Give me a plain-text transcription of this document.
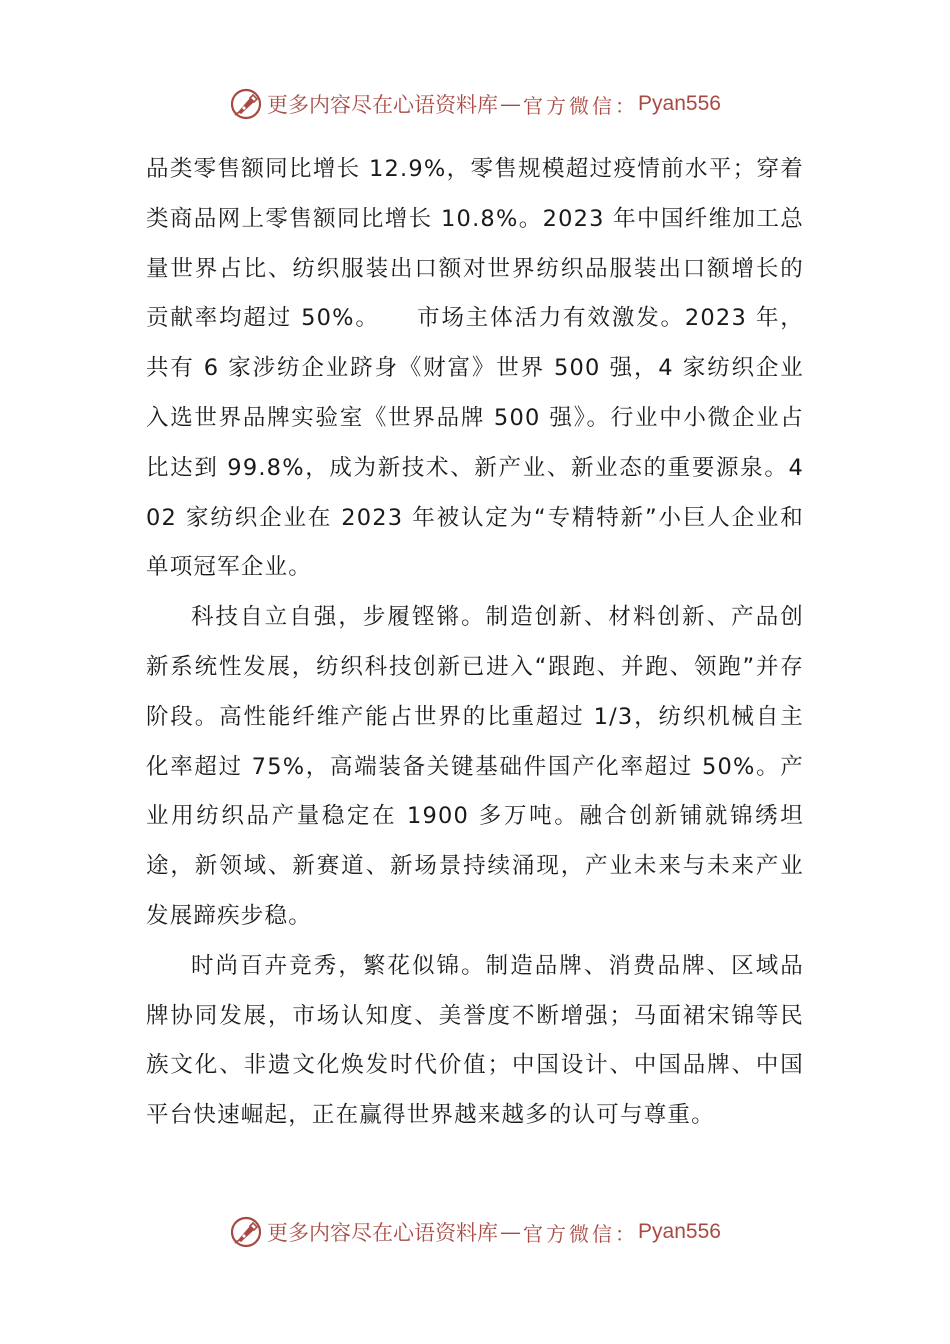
更多内容尽在心语资料库 — 官方微信： Pyan556

品类零售额同比增长 12.9%，零售规模超过疫情前水平；穿着类商品网上零售额同比增长 10.8%。2023 年中国纤维加工总量世界占比、纺织服装出口额对世界纺织品服装出口额增长的贡献率均超过 50%。　　市场主体活力有效激发。2023 年，共有 6 家涉纺企业跻身《财富》世界 500 强，4 家纺织企业入选世界品牌实验室《世界品牌 500 强》。行业中小微企业占比达到 99.8%，成为新技术、新产业、新业态的重要源泉。402 家纺织企业在 2023 年被认定为“专精特新”小巨人企业和单项冠军企业。

科技自立自强，步履铿锵。制造创新、材料创新、产品创新系统性发展，纺织科技创新已进入“跟跑、并跑、领跑”并存阶段。高性能纤维产能占世界的比重超过 1/3，纺织机械自主化率超过 75%，高端装备关键基础件国产化率超过 50%。产业用纺织品产量稳定在 1900 多万吨。融合创新铺就锦绣坦途，新领域、新赛道、新场景持续涌现，产业未来与未来产业发展蹄疾步稳。

时尚百卉竞秀，繁花似锦。制造品牌、消费品牌、区域品牌协同发展，市场认知度、美誉度不断增强；马面裙宋锦等民族文化、非遗文化焕发时代价值；中国设计、中国品牌、中国平台快速崛起，正在赢得世界越来越多的认可与尊重。

更多内容尽在心语资料库 — 官方微信： Pyan556
